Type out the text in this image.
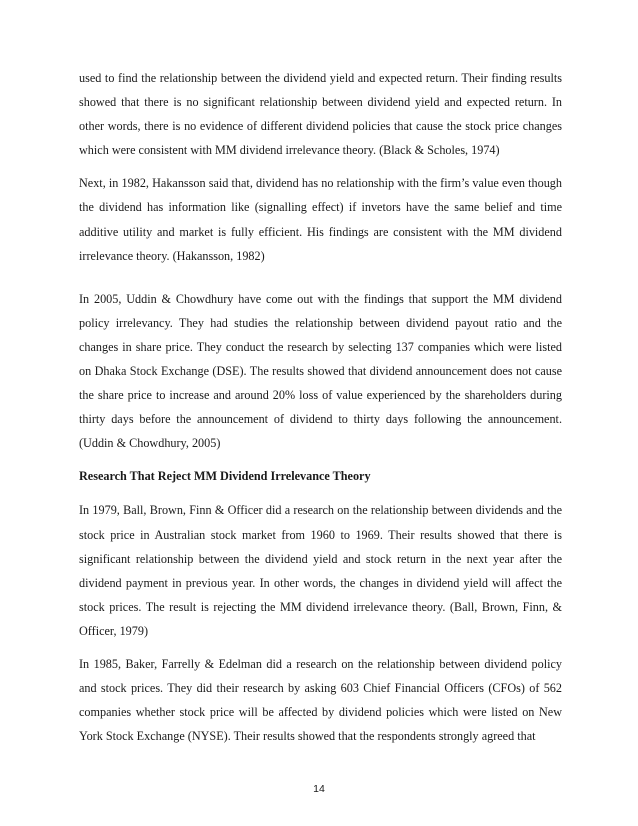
used to find the relationship between the dividend yield and expected return. Their finding results showed that there is no significant relationship between dividend yield and expected return. In other words, there is no evidence of different dividend policies that cause the stock price changes which were consistent with MM dividend irrelevance theory. (Black & Scholes, 1974)

Next, in 1982, Hakansson said that, dividend has no relationship with the firm’s value even though the dividend has information like (signalling effect) if invetors have the same belief and time additive utility and market is fully efficient. His findings are consistent with the MM dividend irrelevance theory. (Hakansson, 1982)

In 2005, Uddin & Chowdhury have come out with the findings that support the MM dividend policy irrelevancy. They had studies the relationship between dividend payout ratio and the changes in share price. They conduct the research by selecting 137 companies which were listed on Dhaka Stock Exchange (DSE). The results showed that dividend announcement does not cause the share price to increase and around 20% loss of value experienced by the shareholders during thirty days before the announcement of dividend to thirty days following the announcement. (Uddin & Chowdhury, 2005)

Research That Reject MM Dividend Irrelevance Theory

In 1979, Ball, Brown, Finn & Officer did a research on the relationship between dividends and the stock price in Australian stock market from 1960 to 1969. Their results showed that there is significant relationship between the dividend yield and stock return in the next year after the dividend payment in previous year. In other words, the changes in dividend yield will affect the stock prices. The result is rejecting the MM dividend irrelevance theory. (Ball, Brown, Finn, & Officer, 1979)

In 1985, Baker, Farrelly & Edelman did a research on the relationship between dividend policy and stock prices. They did their research by asking 603 Chief Financial Officers (CFOs) of 562 companies whether stock price will be affected by dividend policies which were listed on New York Stock Exchange (NYSE). Their results showed that the respondents strongly agreed that

14
